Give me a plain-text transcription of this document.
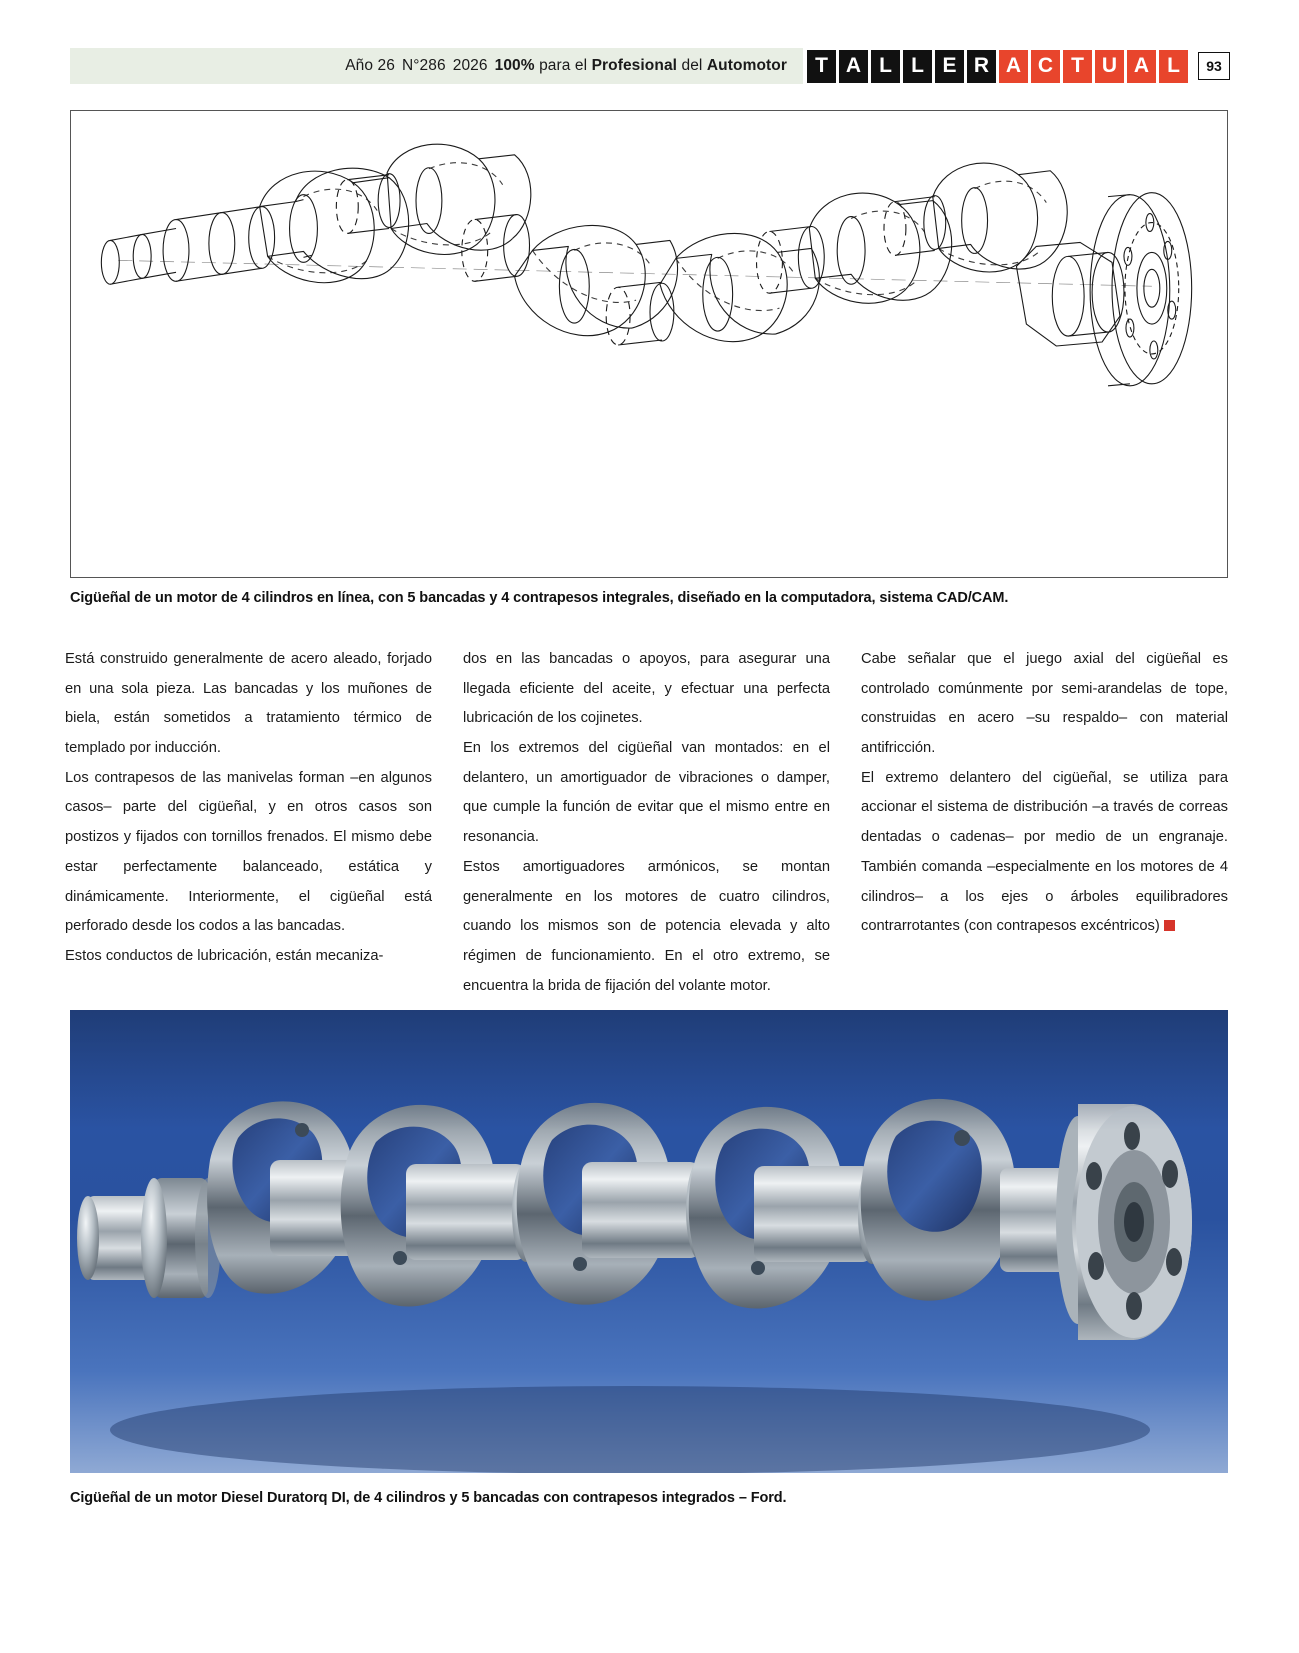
Año 26 N°286 2026 100% para el Profesional del Automotor	T A L L E R A C T U A L	93
Cigüeñal de un motor de 4 cilindros en línea, con 5 bancadas y 4 contrapesos integrales, diseñado en la computadora, sistema CAD/CAM.

Está construido generalmente de acero aleado, forjado en una sola pieza. Las bancadas y los muñones de biela, están sometidos a tratamiento térmico de templado por inducción.

Los contrapesos de las manivelas forman –en algunos casos– parte del cigüeñal, y en otros casos son postizos y fijados con tornillos frenados. El mismo debe estar perfectamente balanceado, estática y dinámicamente. Interiormente, el cigüeñal está perforado desde los codos a las bancadas.

Estos conductos de lubricación, están mecaniza-

dos en las bancadas o apoyos, para asegurar una llegada eficiente del aceite, y efectuar una perfecta lubricación de los cojinetes.

En los extremos del cigüeñal van montados: en el delantero, un amortiguador de vibraciones o damper, que cumple la función de evitar que el mismo entre en resonancia.

Estos amortiguadores armónicos, se montan generalmente en los motores de cuatro cilindros, cuando los mismos son de potencia elevada y alto régimen de funcionamiento. En el otro extremo, se encuentra la brida de fijación del volante motor.

Cabe señalar que el juego axial del cigüeñal es controlado comúnmente por semi-arandelas de tope, construidas en acero –su respaldo– con material antifricción.

El extremo delantero del cigüeñal, se utiliza para accionar el sistema de distribución –a través de correas dentadas o cadenas– por medio de un engranaje. También comanda –especialmente en los motores de 4 cilindros– a los ejes o árboles equilibradores contrarrotantes (con contrapesos excéntricos)

Cigüeñal de un motor Diesel Duratorq DI, de 4 cilindros y 5 bancadas con contrapesos integrados – Ford.
